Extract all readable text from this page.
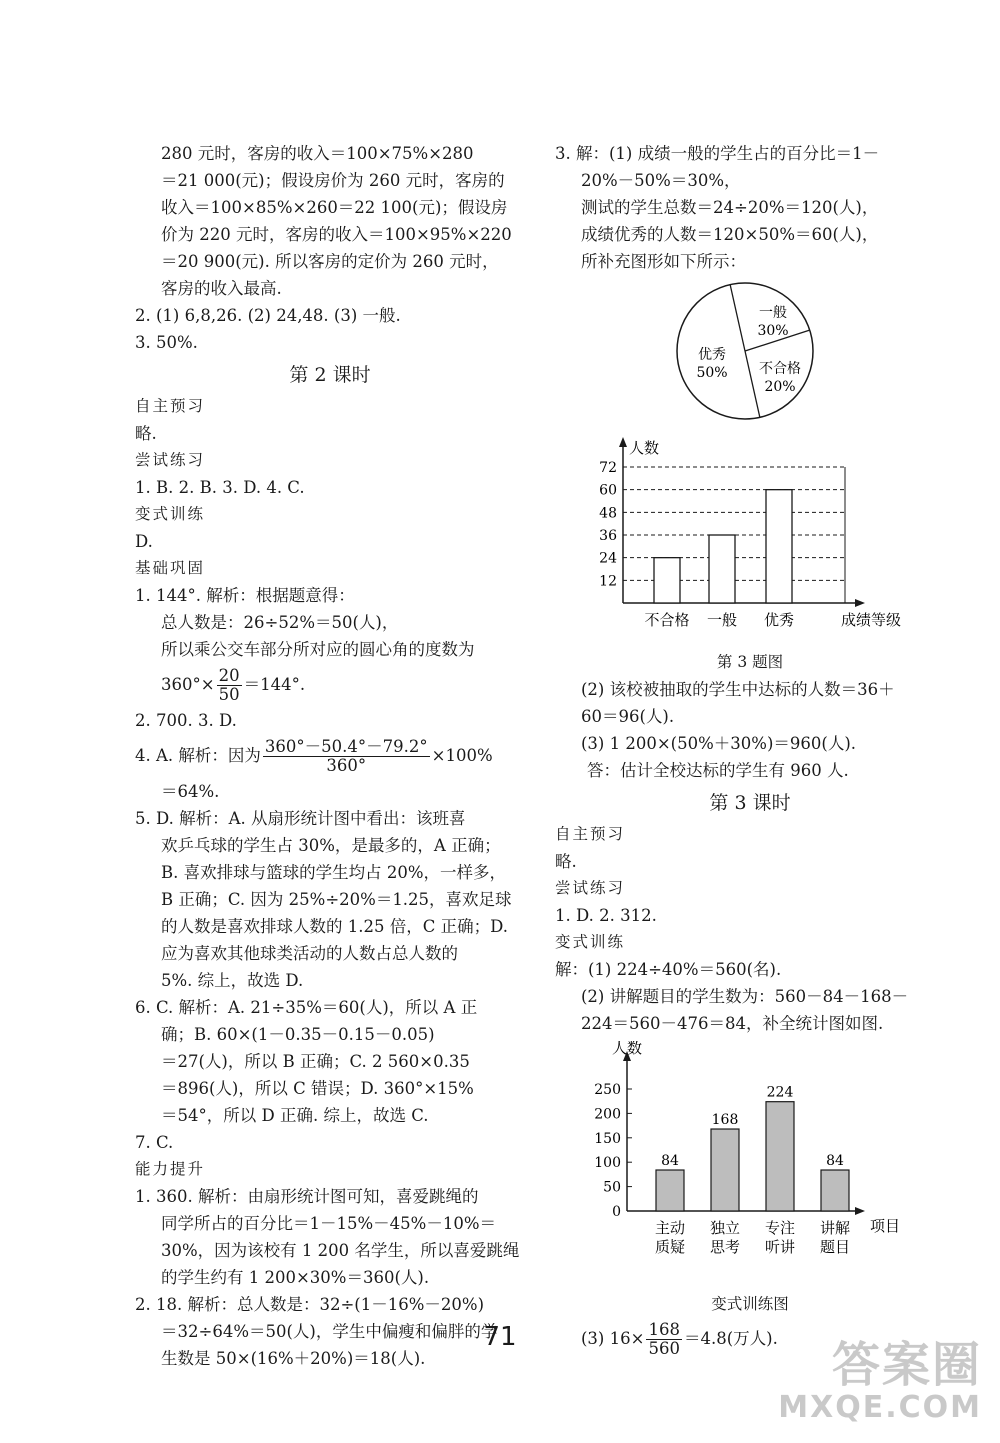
280 元时，客房的收入＝100×75%×280

＝21 000(元)；假设房价为 260 元时，客房的

收入＝100×85%×260＝22 100(元)；假设房

价为 220 元时，客房的收入＝100×95%×220

＝20 900(元). 所以客房的定价为 260 元时，

客房的收入最高.

2. (1) 6,8,26. (2) 24,48. (3) 一般.

3. 50%.

第 2 课时

自主预习

略.

尝试练习

1. B. 2. B. 3. D. 4. C.

变式训练

D.

基础巩固

1. 144°. 解析：根据题意得：

总人数是：26÷52%＝50(人)，

所以乘公交车部分所对应的圆心角的度数为

$360^\circ\times \frac{20}{50} =144^\circ$.

2. 700. 3. D.

4. A. 解析：因为 $\frac{360^\circ-50.4^\circ-79.2^\circ}{360^\circ} \times 100\%$

＝64%.

5. D. 解析：A. 从扇形统计图中看出：该班喜

欢乒乓球的学生占 30%，是最多的，A 正确；

B. 喜欢排球与篮球的学生均占 20%，一样多，

B 正确；C. 因为 25%÷20%＝1.25，喜欢足球

的人数是喜欢排球人数的 1.25 倍，C 正确；D.

应为喜欢其他球类活动的人数占总人数的

5%. 综上，故选 D.

6. C. 解析：A. 21÷35%＝60(人)，所以 A 正

确；B. 60×(1－0.35－0.15－0.05)

＝27(人)，所以 B 正确；C. 2 560×0.35

＝896(人)，所以 C 错误；D. 360°×15%

＝54°，所以 D 正确. 综上，故选 C.

7. C.

能力提升

1. 360. 解析：由扇形统计图可知，喜爱跳绳的

同学所占的百分比＝1－15%－45%－10%＝

30%，因为该校有 1 200 名学生，所以喜爱跳绳

的学生约有 1 200×30%＝360(人).

2. 18. 解析：总人数是：32÷(1－16%－20%)

＝32÷64%＝50(人)，学生中偏瘦和偏胖的学

生数是 50×(16%＋20%)＝18(人).

3. 解：(1) 成绩一般的学生占的百分比＝1－

20%－50%＝30%，

测试的学生总数＝24÷20%＝120(人)，

成绩优秀的人数＝120×50%＝60(人)，

所补充图形如下所示：

一般
30%
不合格
20%
优秀
50%
人数
12
24
36
48
60
72
不合格 一般 优秀	成绩等级

第 3 题图

(2) 该校被抽取的学生中达标的人数＝36＋

60＝96(人).

(3) 1 200×(50%＋30%)＝960(人).

答：估计全校达标的学生有 960 人.

第 3 课时

自主预习

略.

尝试练习

1. D. 2. 312.

变式训练

解：(1) 224÷40%＝560(名).

(2) 讲解题目的学生数为：560－84－168－

224＝560－476＝84，补全统计图如图.

人数
0
50
100
150
200
250
84
主动
质疑
168
独立
思考
224
专注
听讲
84
讲解
题目
项目

变式训练图

(3) $16\times \frac{168}{560} =4.8$(万人).

71	答案圈
MXQE.COM
